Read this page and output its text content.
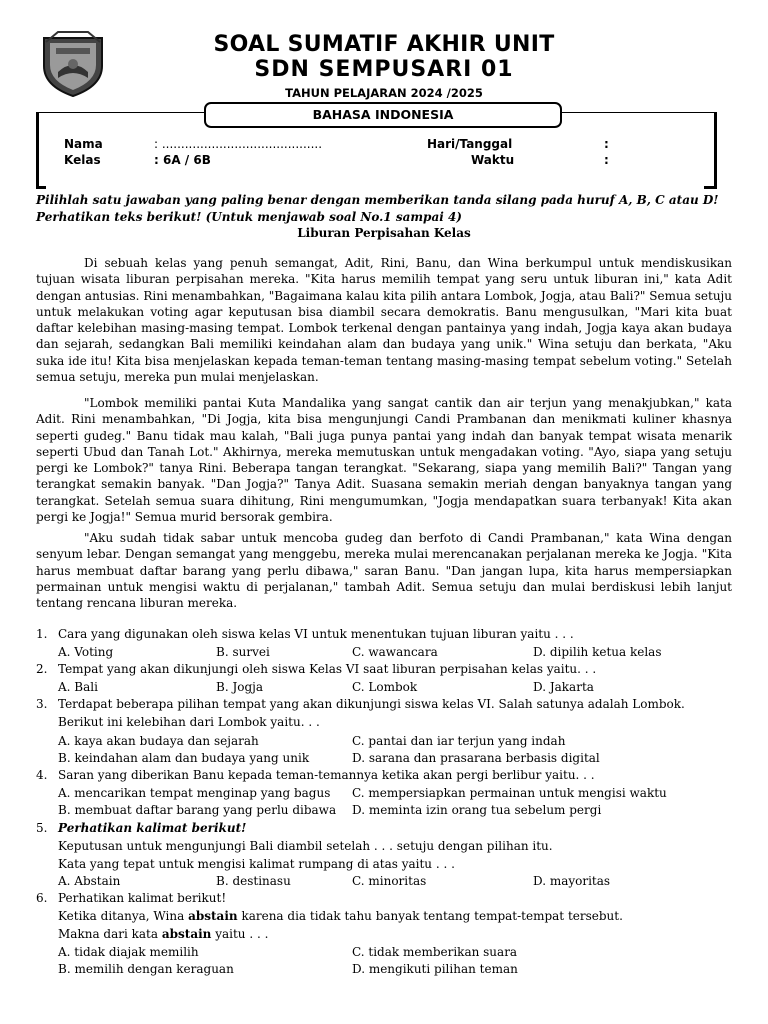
SOAL SUMATIF AKHIR UNIT
SDN SEMPUSARI 01
TAHUN PELAJARAN 2024 /2025
BAHASA INDONESIA
Nama	: ..........................................
Kelas	: 6A / 6B
Hari/Tanggal	:
Waktu	:
Pilihlah satu jawaban yang paling benar dengan memberikan tanda silang pada huruf A, B, C atau D!
Perhatikan teks berikut! (Untuk menjawab soal No.1 sampai 4)
Liburan Perpisahan Kelas

Di sebuah kelas yang penuh semangat, Adit, Rini, Banu, dan Wina berkumpul untuk mendiskusikan tujuan wisata liburan perpisahan mereka. "Kita harus memilih tempat yang seru untuk liburan ini," kata Adit dengan antusias. Rini menambahkan, "Bagaimana kalau kita pilih antara Lombok, Jogja, atau Bali?" Semua setuju untuk melakukan voting agar keputusan bisa diambil secara demokratis. Banu mengusulkan, "Mari kita buat daftar kelebihan masing-masing tempat. Lombok terkenal dengan pantainya yang indah, Jogja kaya akan budaya dan sejarah, sedangkan Bali memiliki keindahan alam dan budaya yang unik." Wina setuju dan berkata, "Aku suka ide itu! Kita bisa menjelaskan kepada teman-teman tentang masing-masing tempat sebelum voting." Setelah semua setuju, mereka pun mulai menjelaskan.

"Lombok memiliki pantai Kuta Mandalika yang sangat cantik dan air terjun yang menakjubkan," kata Adit. Rini menambahkan, "Di Jogja, kita bisa mengunjungi Candi Prambanan dan menikmati kuliner khasnya seperti gudeg." Banu tidak mau kalah, "Bali juga punya pantai yang indah dan banyak tempat wisata menarik seperti Ubud dan Tanah Lot." Akhirnya, mereka memutuskan untuk mengadakan voting. "Ayo, siapa yang setuju pergi ke Lombok?" tanya Rini. Beberapa tangan terangkat. "Sekarang, siapa yang memilih Bali?" Tangan yang terangkat semakin banyak. "Dan Jogja?" Tanya Adit. Suasana semakin meriah dengan banyaknya tangan yang terangkat. Setelah semua suara dihitung, Rini mengumumkan, "Jogja mendapatkan suara terbanyak! Kita akan pergi ke Jogja!" Semua murid bersorak gembira.

"Aku sudah tidak sabar untuk mencoba gudeg dan berfoto di Candi Prambanan," kata Wina dengan senyum lebar. Dengan semangat yang menggebu, mereka mulai merencanakan perjalanan mereka ke Jogja. "Kita harus membuat daftar barang yang perlu dibawa," saran Banu. "Dan jangan lupa, kita harus mempersiapkan permainan untuk mengisi waktu di perjalanan," tambah Adit. Semua setuju dan mulai berdiskusi lebih lanjut tentang rencana liburan mereka.

1. Cara yang digunakan oleh siswa kelas VI untuk menentukan tujuan liburan yaitu . . .
A. Voting	B. survei	C. wawancara	D. dipilih ketua kelas
2. Tempat yang akan dikunjungi oleh siswa Kelas VI saat liburan perpisahan kelas yaitu. . .
A. Bali	B. Jogja	C. Lombok	D. Jakarta
3. Terdapat beberapa pilihan tempat yang akan dikunjungi siswa kelas VI. Salah satunya adalah Lombok.
Berikut ini kelebihan dari Lombok yaitu. . .
A. kaya akan budaya dan sejarah	C. pantai dan iar terjun yang indah
B. keindahan alam dan budaya yang unik	D. sarana dan prasarana berbasis digital
4. Saran yang diberikan Banu kepada teman-temannya ketika akan pergi berlibur yaitu. . .
A. mencarikan tempat menginap yang bagus C. mempersiapkan permainan untuk mengisi waktu
B. membuat daftar barang yang perlu dibawa D. meminta izin orang tua sebelum pergi
5. Perhatikan kalimat berikut!
Keputusan untuk mengunjungi Bali diambil setelah . . . setuju dengan pilihan itu.
Kata yang tepat untuk mengisi kalimat rumpang di atas yaitu . . .
A. Abstain	B. destinasu	C. minoritas	D. mayoritas
6. Perhatikan kalimat berikut!
Ketika ditanya, Wina abstain karena dia tidak tahu banyak tentang tempat-tempat tersebut.
Makna dari kata abstain yaitu . . .
A. tidak diajak memilih	C. tidak memberikan suara
B. memilih dengan keraguan	D. mengikuti pilihan teman
